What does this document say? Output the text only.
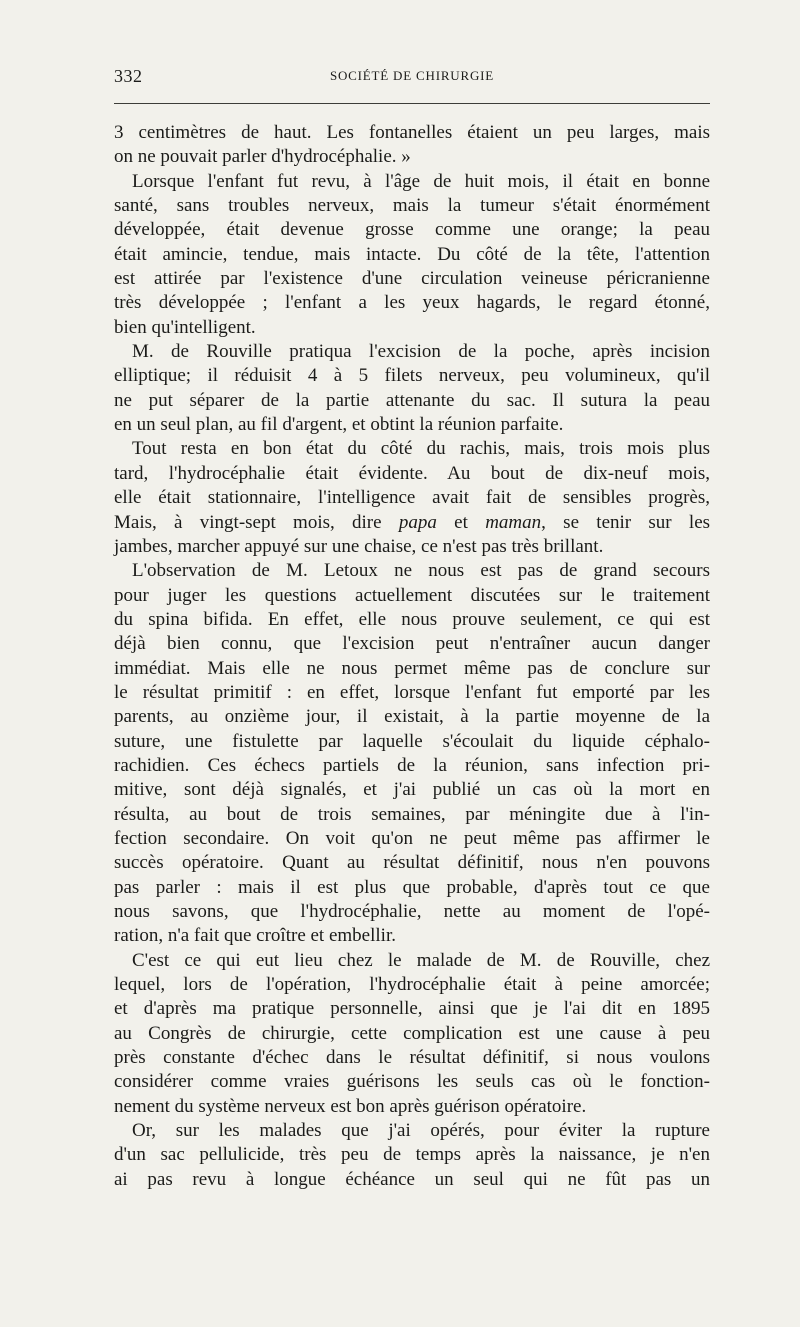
332	SOCIÉTÉ DE CHIRURGIE
3 centimètres de haut. Les fontanelles étaient un peu larges, mais
on ne pouvait parler d'hydrocéphalie. »
Lorsque l'enfant fut revu, à l'âge de huit mois, il était en bonne
santé, sans troubles nerveux, mais la tumeur s'était énormément
développée, était devenue grosse comme une orange; la peau
était amincie, tendue, mais intacte. Du côté de la tête, l'attention
est attirée par l'existence d'une circulation veineuse péricranienne
très développée ; l'enfant a les yeux hagards, le regard étonné,
bien qu'intelligent.
M. de Rouville pratiqua l'excision de la poche, après incision
elliptique; il réduisit 4 à 5 filets nerveux, peu volumineux, qu'il
ne put séparer de la partie attenante du sac. Il sutura la peau
en un seul plan, au fil d'argent, et obtint la réunion parfaite.
Tout resta en bon état du côté du rachis, mais, trois mois plus
tard, l'hydrocéphalie était évidente. Au bout de dix-neuf mois,
elle était stationnaire, l'intelligence avait fait de sensibles progrès,
Mais, à vingt-sept mois, dire papa et maman, se tenir sur les
jambes, marcher appuyé sur une chaise, ce n'est pas très brillant.
L'observation de M. Letoux ne nous est pas de grand secours
pour juger les questions actuellement discutées sur le traitement
du spina bifida. En effet, elle nous prouve seulement, ce qui est
déjà bien connu, que l'excision peut n'entraîner aucun danger
immédiat. Mais elle ne nous permet même pas de conclure sur
le résultat primitif : en effet, lorsque l'enfant fut emporté par les
parents, au onzième jour, il existait, à la partie moyenne de la
suture, une fistulette par laquelle s'écoulait du liquide céphalo-
rachidien. Ces échecs partiels de la réunion, sans infection pri-
mitive, sont déjà signalés, et j'ai publié un cas où la mort en
résulta, au bout de trois semaines, par méningite due à l'in-
fection secondaire. On voit qu'on ne peut même pas affirmer le
succès opératoire. Quant au résultat définitif, nous n'en pouvons
pas parler : mais il est plus que probable, d'après tout ce que
nous savons, que l'hydrocéphalie, nette au moment de l'opé-
ration, n'a fait que croître et embellir.
C'est ce qui eut lieu chez le malade de M. de Rouville, chez
lequel, lors de l'opération, l'hydrocéphalie était à peine amorcée;
et d'après ma pratique personnelle, ainsi que je l'ai dit en 1895
au Congrès de chirurgie, cette complication est une cause à peu
près constante d'échec dans le résultat définitif, si nous voulons
considérer comme vraies guérisons les seuls cas où le fonction-
nement du système nerveux est bon après guérison opératoire.
Or, sur les malades que j'ai opérés, pour éviter la rupture
d'un sac pellulicide, très peu de temps après la naissance, je n'en
ai pas revu à longue échéance un seul qui ne fût pas un
